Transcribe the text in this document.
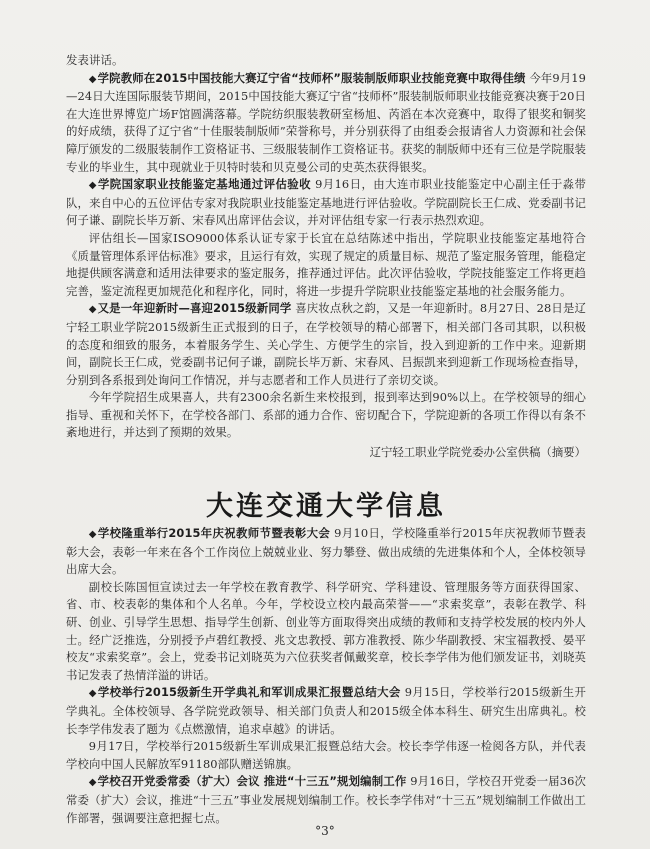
发表讲话。

◆学院教师在2015中国技能大赛辽宁省“技师杯”服装制版师职业技能竞赛中取得佳绩 今年9月19—24日大连国际服装节期间，2015中国技能大赛辽宁省“技师杯”服装制版师职业技能竞赛决赛于20日在大连世界博览广场F馆圆满落幕。学院纺织服装教研室杨旭、芮滔在本次竞赛中，取得了银奖和铜奖的好成绩，获得了辽宁省“十佳服装制版师”荣誉称号，并分别获得了由组委会报请省人力资源和社会保障厅颁发的二级服装制作工资格证书、三级服装制作工资格证书。获奖的制版师中还有三位是学院服装专业的毕业生，其中现就业于贝特时装和贝克曼公司的史英杰获得银奖。

◆学院国家职业技能鉴定基地通过评估验收 9月16日，由大连市职业技能鉴定中心副主任于淼带队，来自中心的五位评估专家对我院职业技能鉴定基地进行评估验收。学院副院长王仁成、党委副书记何子谦、副院长毕万新、宋春风出席评估会议，并对评估组专家一行表示热烈欢迎。

评估组长—国家ISO9000体系认证专家于长宜在总结陈述中指出，学院职业技能鉴定基地符合《质量管理体系评估标准》要求，且运行有效，实现了规定的质量目标、规范了鉴定服务管理，能稳定地提供顾客满意和适用法律要求的鉴定服务，推荐通过评估。此次评估验收，学院技能鉴定工作将更趋完善，鉴定流程更加规范化和程序化，同时，将进一步提升学院职业技能鉴定基地的社会服务能力。

◆又是一年迎新时—喜迎2015级新同学 喜庆妆点秋之韵，又是一年迎新时。8月27日、28日是辽宁轻工职业学院2015级新生正式报到的日子，在学校领导的精心部署下，相关部门各司其职，以积极的态度和细致的服务，本着服务学生、关心学生、方便学生的宗旨，投入到迎新的工作中来。迎新期间，副院长王仁成，党委副书记何子谦，副院长毕万新、宋春风、吕振凯来到迎新工作现场检查指导，分别到各系报到处询问工作情况，并与志愿者和工作人员进行了亲切交谈。

今年学院招生成果喜人，共有2300余名新生来校报到，报到率达到90%以上。在学校领导的细心指导、重视和关怀下，在学校各部门、系部的通力合作、密切配合下，学院迎新的各项工作得以有条不紊地进行，并达到了预期的效果。

辽宁轻工职业学院党委办公室供稿（摘要）

大连交通大学信息

◆学校隆重举行2015年庆祝教师节暨表彰大会 9月10日，学校隆重举行2015年庆祝教师节暨表彰大会，表彰一年来在各个工作岗位上兢兢业业、努力攀登、做出成绩的先进集体和个人，全体校领导出席大会。

副校长陈国恒宣读过去一年学校在教育教学、科学研究、学科建设、管理服务等方面获得国家、省、市、校表彰的集体和个人名单。今年，学校设立校内最高荣誉——“求索奖章”，表彰在教学、科研、创业、引导学生思想、指导学生创新、创业等方面取得突出成绩的教师和支持学校发展的校内外人士。经广泛推选，分别授予卢碧红教授、兆文忠教授、郭方准教授、陈少华副教授、宋宝福教授、晏平校友“求索奖章”。会上，党委书记刘晓英为六位获奖者佩戴奖章，校长李学伟为他们颁发证书，刘晓英书记发表了热情洋溢的讲话。

◆学校举行2015级新生开学典礼和军训成果汇报暨总结大会 9月15日，学校举行2015级新生开学典礼。全体校领导、各学院党政领导、相关部门负责人和2015级全体本科生、研究生出席典礼。校长李学伟发表了题为《点燃激情，追求卓越》的讲话。

9月17日，学校举行2015级新生军训成果汇报暨总结大会。校长李学伟逐一检阅各方队，并代表学校向中国人民解放军91180部队赠送锦旗。

◆学校召开党委常委（扩大）会议 推进“十三五”规划编制工作 9月16日，学校召开党委一届36次常委（扩大）会议，推进“十三五”事业发展规划编制工作。校长李学伟对“十三五”规划编制工作做出工作部署，强调要注意把握七点。

°3°
